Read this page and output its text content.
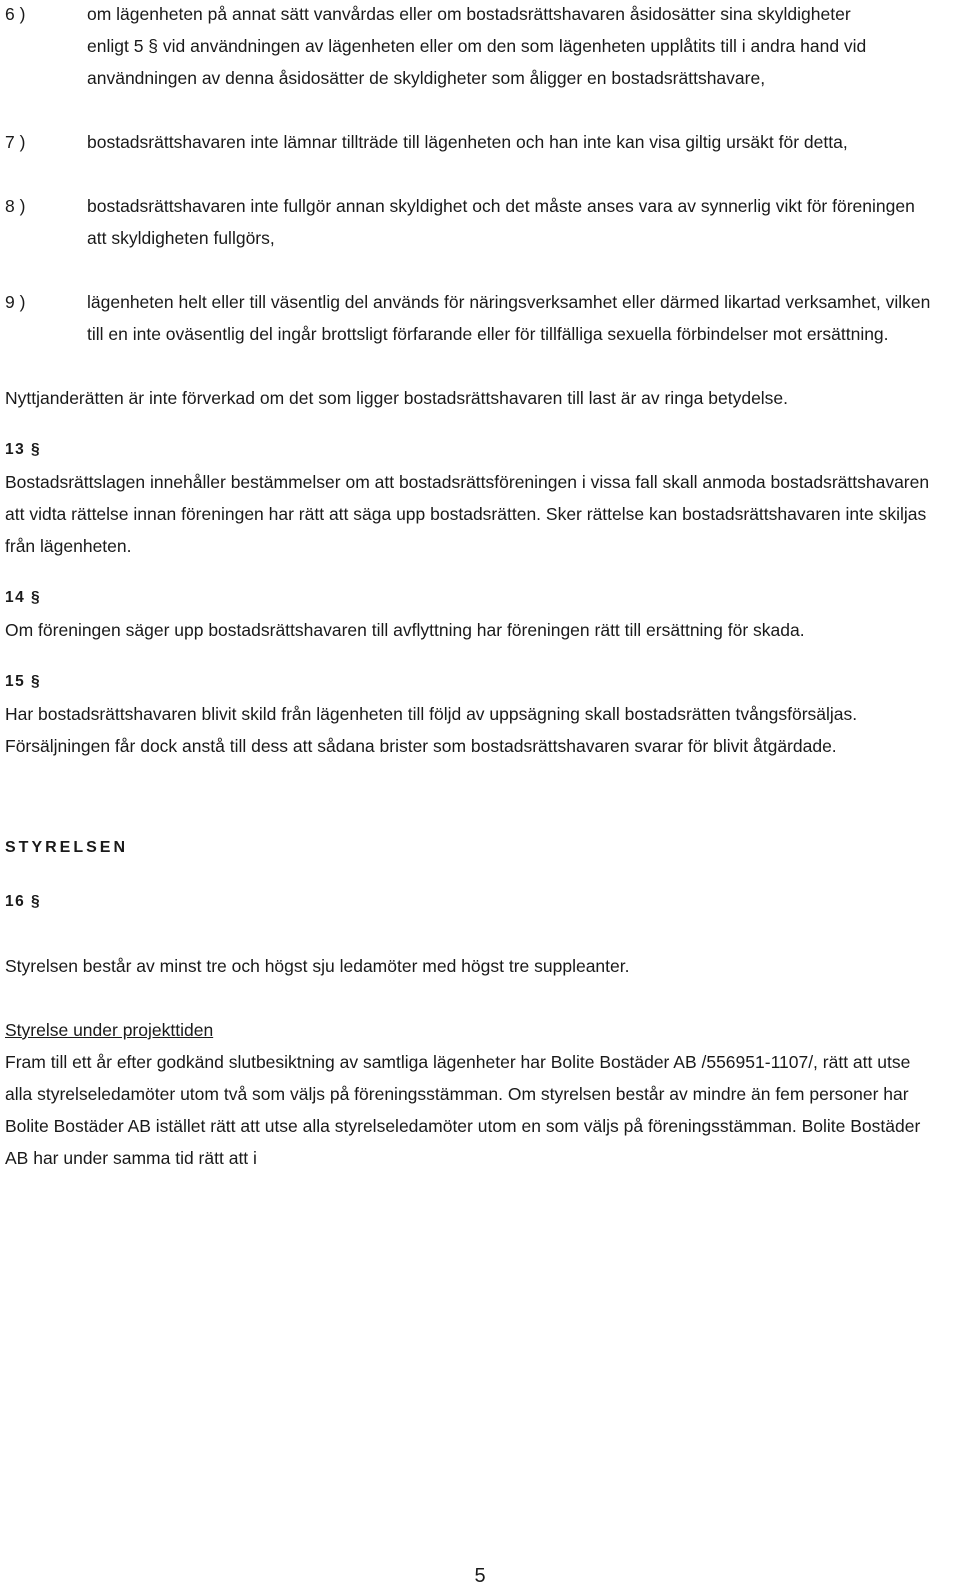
6 )	om lägenheten på annat sätt vanvårdas eller om bostadsrättshavaren åsidosätter sina skyldigheter enligt 5 § vid användningen av lägenheten eller om den som lägenheten upplåtits till i andra hand vid användningen av denna åsidosätter de skyldigheter som åligger en bostadsrättshavare,

7 )	bostadsrättshavaren inte lämnar tillträde till lägenheten och han inte kan visa giltig ursäkt för detta,

8 )	bostadsrättshavaren inte fullgör annan skyldighet och det måste anses vara av synnerlig vikt för föreningen att skyldigheten fullgörs,

9 )	lägenheten helt eller till väsentlig del används för näringsverksamhet eller därmed likartad verksamhet, vilken till en inte oväsentlig del ingår brottsligt förfarande eller för tillfälliga sexuella förbindelser mot ersättning.

Nyttjanderätten är inte förverkad om det som ligger bostadsrättshavaren till last är av ringa betydelse.

13 §

Bostadsrättslagen innehåller bestämmelser om att bostadsrättsföreningen i vissa fall skall anmoda bostadsrättshavaren att vidta rättelse innan föreningen har rätt att säga upp bostadsrätten. Sker rättelse kan bostadsrättshavaren inte skiljas från lägenheten.

14 §

Om föreningen säger upp bostadsrättshavaren till avflyttning har föreningen rätt till ersättning för skada.

15 §

Har bostadsrättshavaren blivit skild från lägenheten till följd av uppsägning skall bostadsrätten tvångsförsäljas. Försäljningen får dock anstå till dess att sådana brister som bostadsrättshavaren svarar för blivit åtgärdade.

STYRELSEN

16 §

Styrelsen består av minst tre och högst sju ledamöter med högst tre suppleanter.

Styrelse under projekttiden

Fram till ett år efter godkänd slutbesiktning av samtliga lägenheter har Bolite Bostäder AB /556951-1107/, rätt att utse alla styrelseledamöter utom två som väljs på föreningsstämman. Om styrelsen består av mindre än fem personer har Bolite Bostäder AB istället rätt att utse alla styrelseledamöter utom en som väljs på föreningsstämman. Bolite Bostäder AB har under samma tid rätt att i

5
